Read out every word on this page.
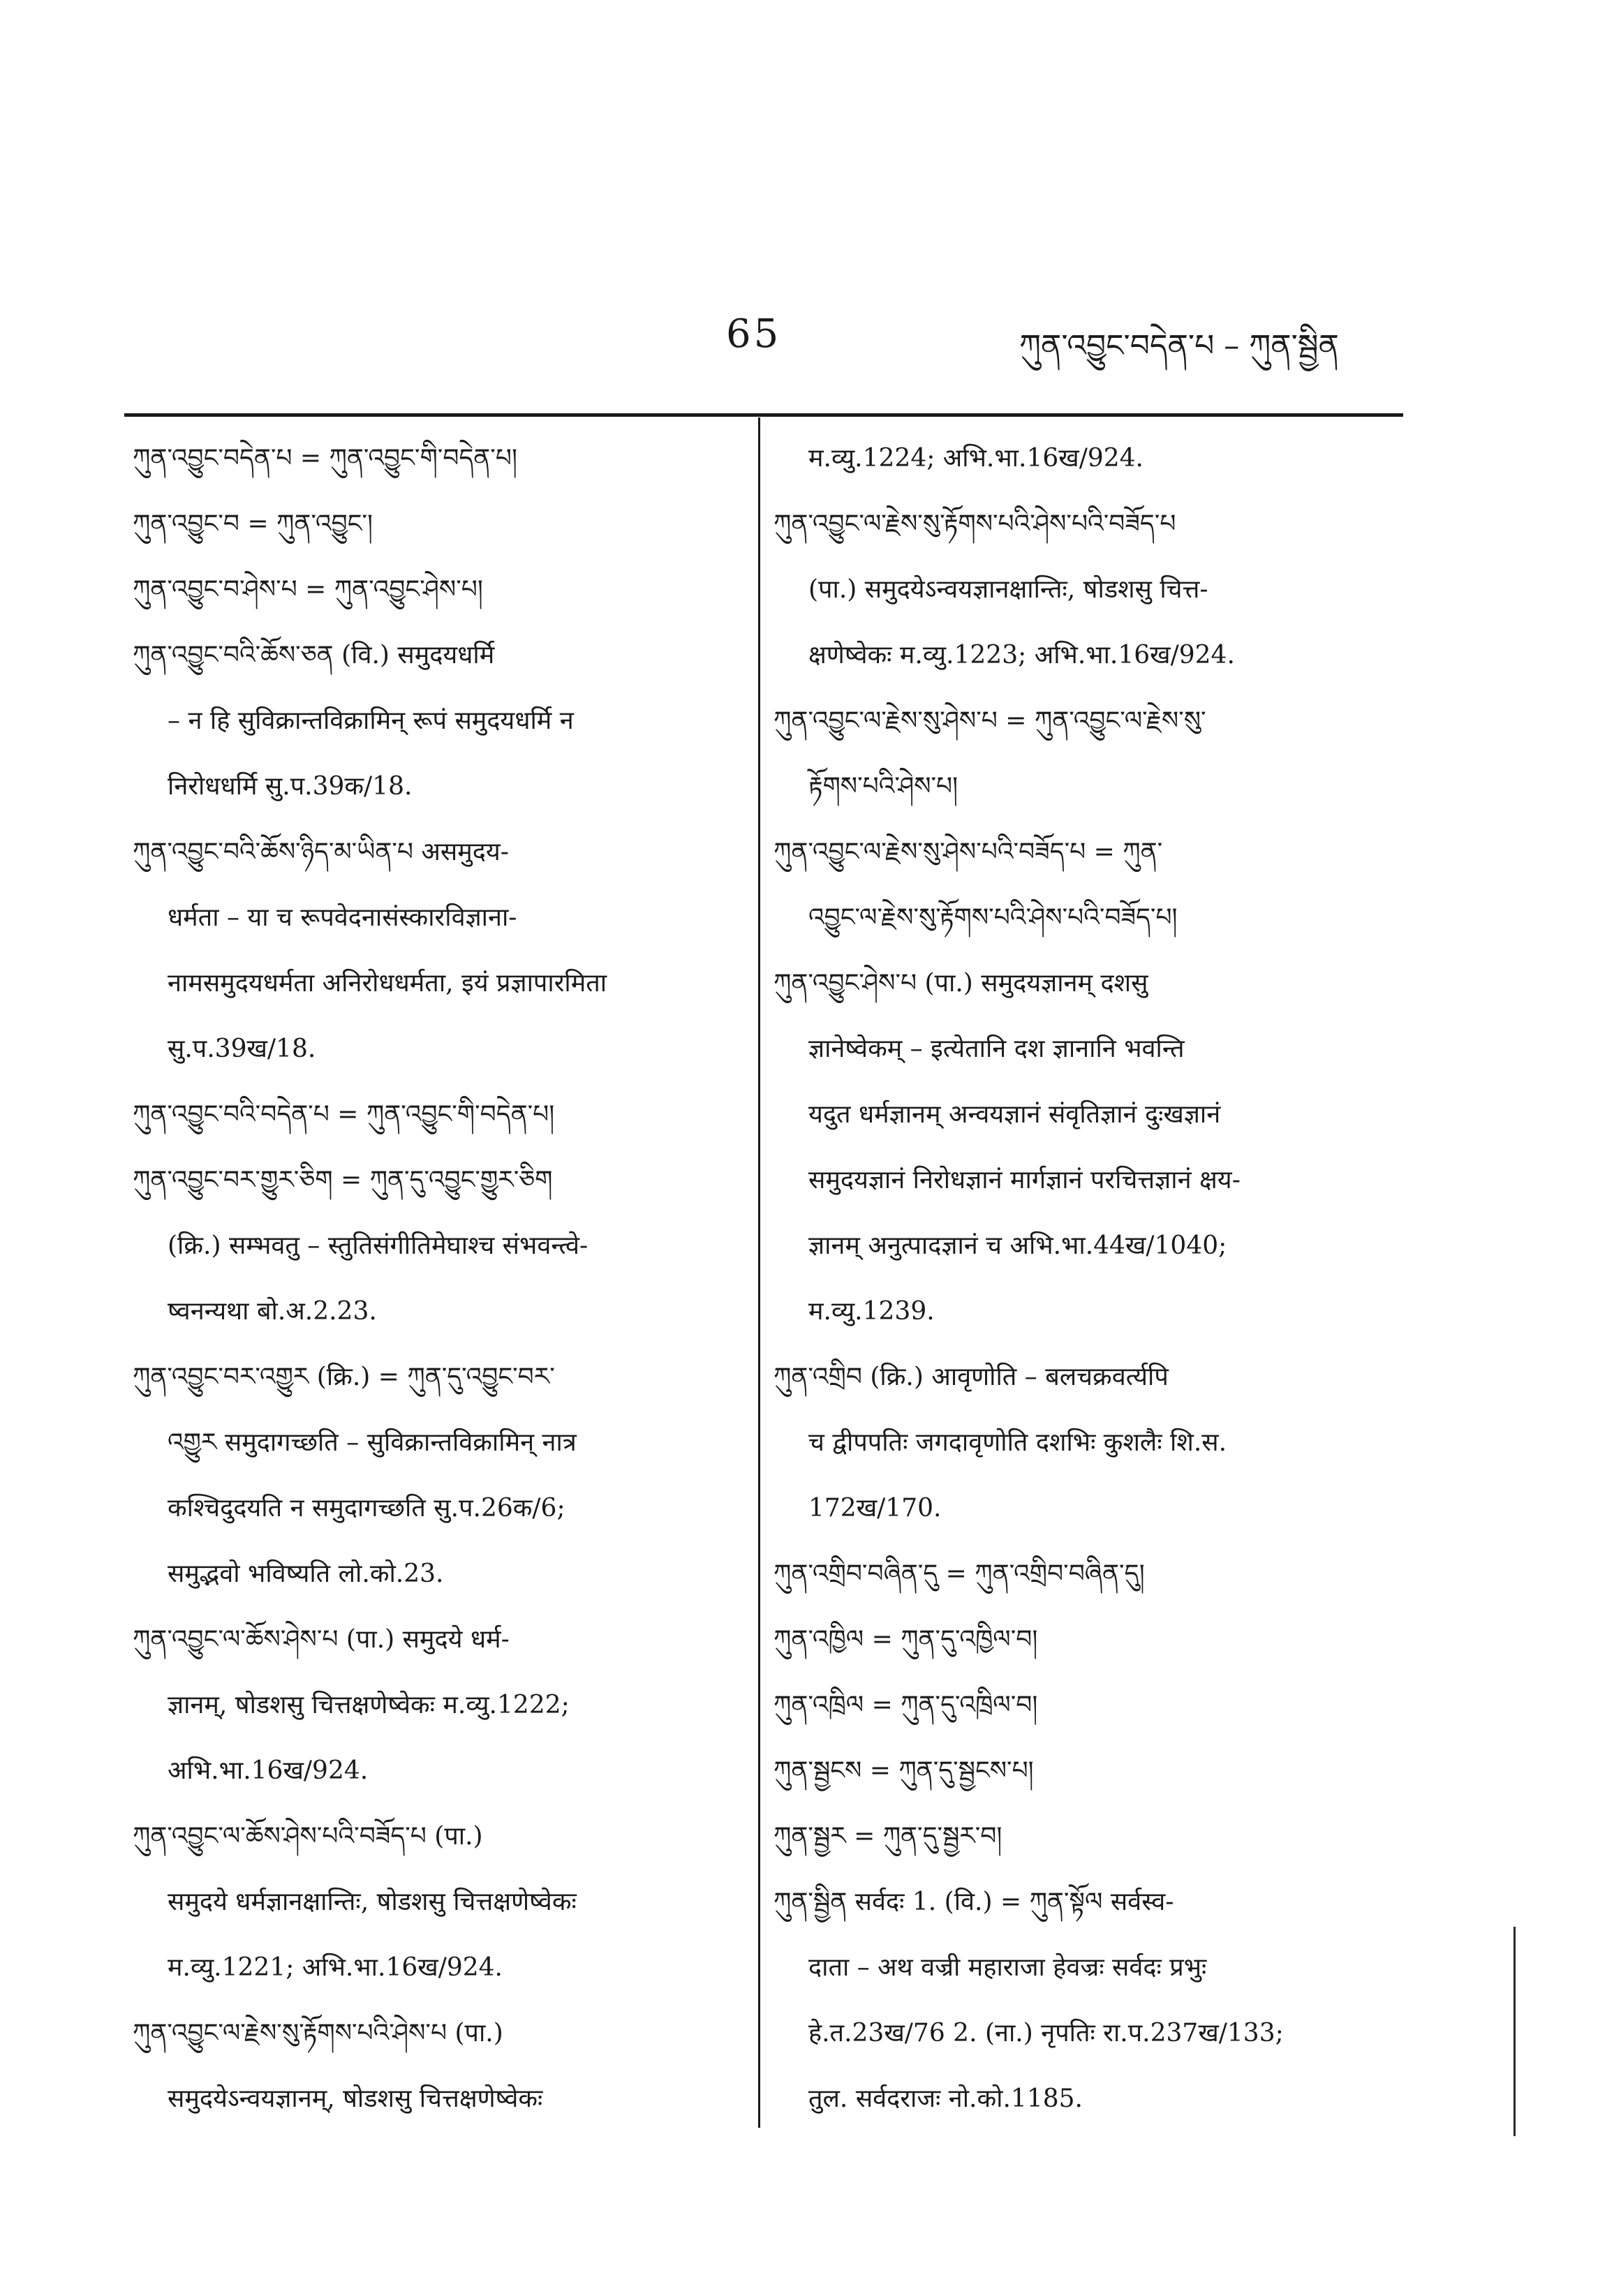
65	ཀུན་འབྱུང་བདེན་པ – ཀུན་སྦྱིན
ཀུན་འབྱུང་བདེན་པ = ཀུན་འབྱུང་གི་བདེན་པ།
ཀུན་འབྱུང་བ = ཀུན་འབྱུང་།
ཀུན་འབྱུང་བ་ཤེས་པ = ཀུན་འབྱུང་ཤེས་པ།
ཀུན་འབྱུང་བའི་ཆོས་ཅན (वि.) समुदयधर्मि
– न हि सुविक्रान्तविक्रामिन् रूपं समुदयधर्मि न
निरोधधर्मि सु.प.39क/18.
ཀུན་འབྱུང་བའི་ཆོས་ཉིད་མ་ཡིན་པ असमुदय-
धर्मता – या च रूपवेदनासंस्कारविज्ञाना-
नामसमुदयधर्मता अनिरोधधर्मता, इयं प्रज्ञापारमिता
सु.प.39ख/18.
ཀུན་འབྱུང་བའི་བདེན་པ = ཀུན་འབྱུང་གི་བདེན་པ།
ཀུན་འབྱུང་བར་གྱུར་ཅིག = ཀུན་དུ་འབྱུང་གྱུར་ཅིག
(क्रि.) सम्भवतु – स्तुतिसंगीतिमेघाश्च संभवन्त्वे-
ष्वनन्यथा बो.अ.2.23.
ཀུན་འབྱུང་བར་འགྱུར (क्रि.) = ཀུན་དུ་འབྱུང་བར་
འགྱུར समुदागच्छति – सुविक्रान्तविक्रामिन् नात्र
कश्चिदुदयति न समुदागच्छति सु.प.26क/6;
समुद्भवो भविष्यति लो.को.23.
ཀུན་འབྱུང་ལ་ཆོས་ཤེས་པ (पा.) समुदये धर्म-
ज्ञानम्, षोडशसु चित्तक्षणेष्वेकः म.व्यु.1222;
अभि.भा.16ख/924.
ཀུན་འབྱུང་ལ་ཆོས་ཤེས་པའི་བཟོད་པ (पा.)
समुदये धर्मज्ञानक्षान्तिः, षोडशसु चित्तक्षणेष्वेकः
म.व्यु.1221; अभि.भा.16ख/924.
ཀུན་འབྱུང་ལ་རྗེས་སུ་རྟོགས་པའི་ཤེས་པ (पा.)
समुदयेऽन्वयज्ञानम्, षोडशसु चित्तक्षणेष्वेकः
म.व्यु.1224; अभि.भा.16ख/924.
ཀུན་འབྱུང་ལ་རྗེས་སུ་རྟོགས་པའི་ཤེས་པའི་བཟོད་པ
(पा.) समुदयेऽन्वयज्ञानक्षान्तिः, षोडशसु चित्त-
क्षणेष्वेकः म.व्यु.1223; अभि.भा.16ख/924.
ཀུན་འབྱུང་ལ་རྗེས་སུ་ཤེས་པ = ཀུན་འབྱུང་ལ་རྗེས་སུ་
རྟོགས་པའི་ཤེས་པ།
ཀུན་འབྱུང་ལ་རྗེས་སུ་ཤེས་པའི་བཟོད་པ = ཀུན་
འབྱུང་ལ་རྗེས་སུ་རྟོགས་པའི་ཤེས་པའི་བཟོད་པ།
ཀུན་འབྱུང་ཤེས་པ (पा.) समुदयज्ञानम् दशसु
ज्ञानेष्वेकम् – इत्येतानि दश ज्ञानानि भवन्ति
यदुत धर्मज्ञानम् अन्वयज्ञानं संवृतिज्ञानं दुःखज्ञानं
समुदयज्ञानं निरोधज्ञानं मार्गज्ञानं परचित्तज्ञानं क्षय-
ज्ञानम् अनुत्पादज्ञानं च अभि.भा.44ख/1040;
म.व्यु.1239.
ཀུན་འགྲིབ (क्रि.) आवृणोति – बलचक्रवर्त्यपि
च द्वीपपतिः जगदावृणोति दशभिः कुशलैः शि.स.
172ख/170.
ཀུན་འགྲིབ་བཞིན་དུ = ཀུན་འགྲིབ་བཞིན་དུ།
ཀུན་འཁྱིལ = ཀུན་དུ་འཁྱིལ་བ།
ཀུན་འཁྲིལ = ཀུན་དུ་འཁྲིལ་བ།
ཀུན་སྦྱངས = ཀུན་དུ་སྦྱངས་པ།
ཀུན་སྦྱར = ཀུན་དུ་སྦྱར་བ།
ཀུན་སྦྱིན सर्वदः 1. (वि.) = ཀུན་སྟོལ सर्वस्व-
दाता – अथ वज्री महाराजा हेवज्रः सर्वदः प्रभुः
हे.त.23ख/76 2. (ना.) नृपतिः रा.प.237ख/133;
तुल. सर्वदराजः नो.को.1185.
